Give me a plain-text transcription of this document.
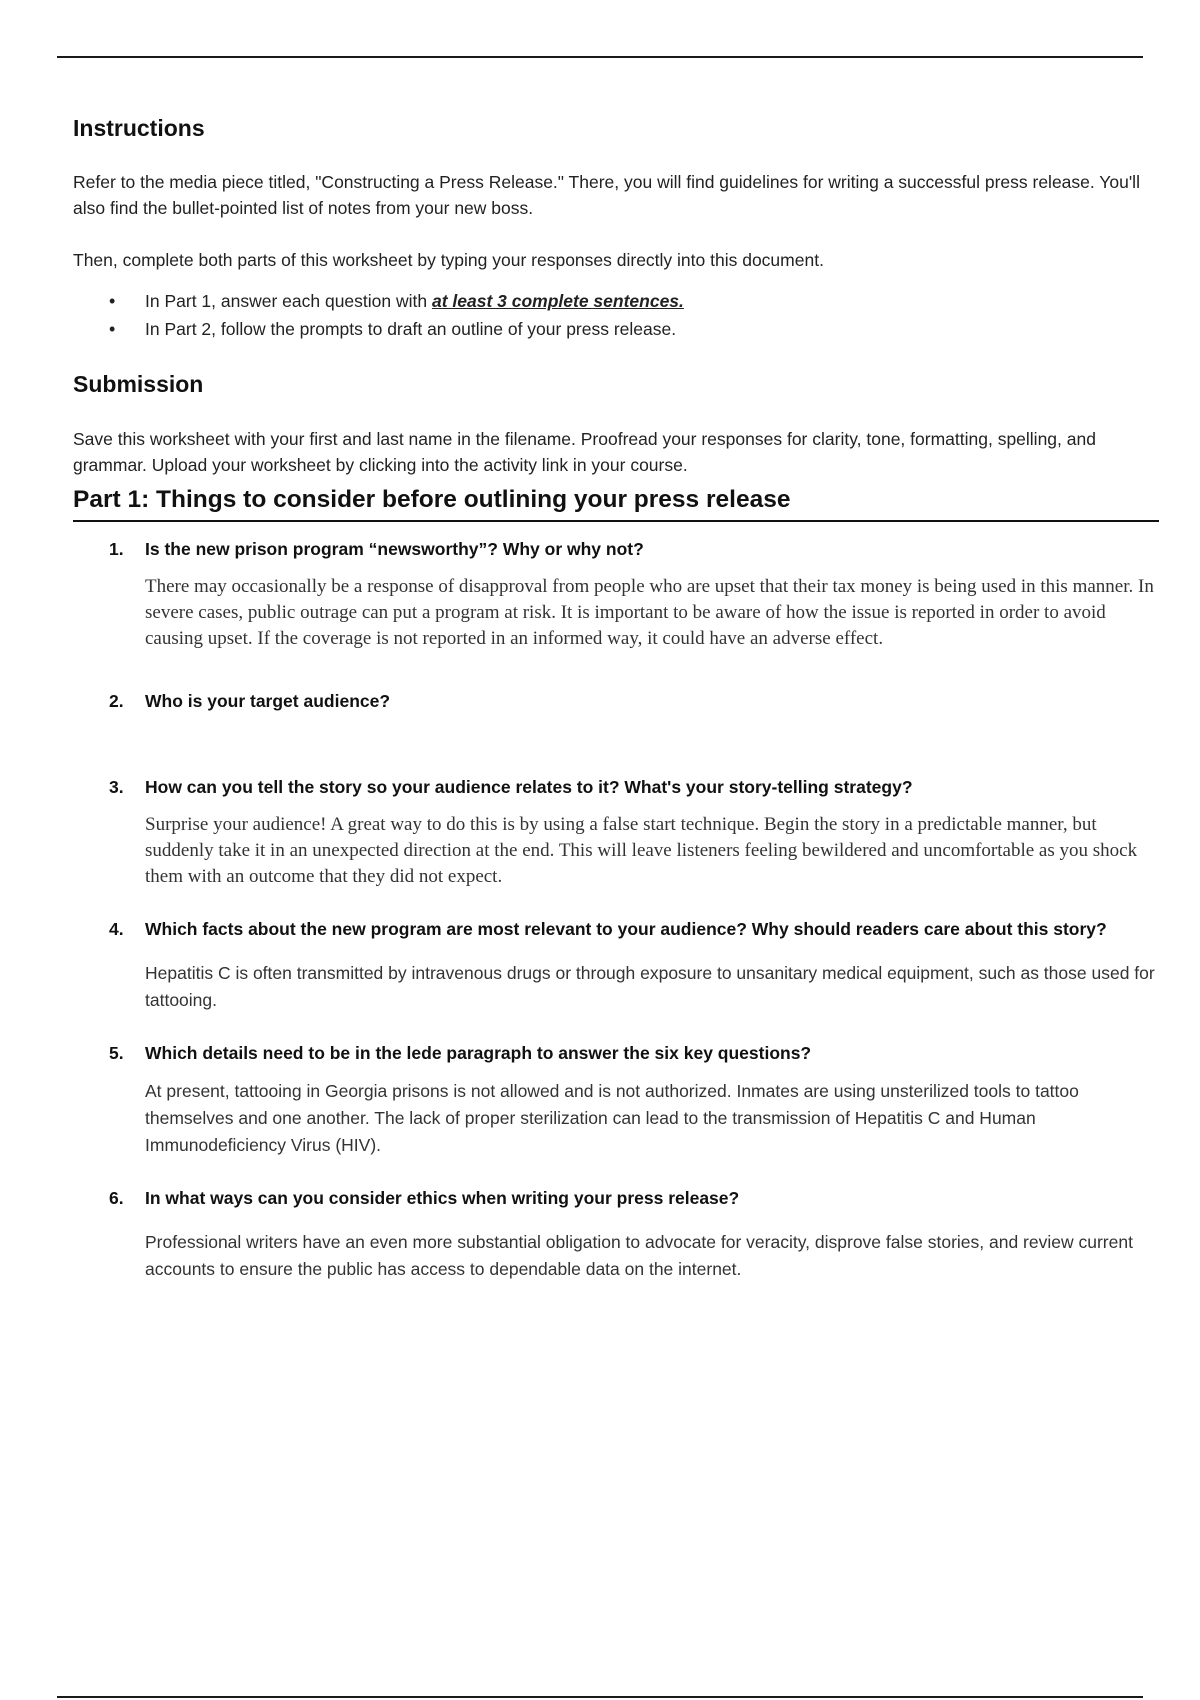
Instructions

Refer to the media piece titled, "Constructing a Press Release." There, you will find guidelines for writing a successful press release. You'll also find the bullet-pointed list of notes from your new boss.

Then, complete both parts of this worksheet by typing your responses directly into this document.

• In Part 1, answer each question with at least 3 complete sentences.
• In Part 2, follow the prompts to draft an outline of your press release.
Submission

Save this worksheet with your first and last name in the filename. Proofread your responses for clarity, tone, formatting, spelling, and grammar. Upload your worksheet by clicking into the activity link in your course.

Part 1: Things to consider before outlining your press release
1. Is the new prison program “newsworthy”? Why or why not?
There may occasionally be a response of disapproval from people who are upset that their tax money is being used in this manner. In severe cases, public outrage can put a program at risk. It is important to be aware of how the issue is reported in order to avoid causing upset. If the coverage is not reported in an informed way, it could have an adverse effect.
2. Who is your target audience?
3. How can you tell the story so your audience relates to it? What's your story-telling strategy?
Surprise your audience! A great way to do this is by using a false start technique. Begin the story in a predictable manner, but suddenly take it in an unexpected direction at the end. This will leave listeners feeling bewildered and uncomfortable as you shock them with an outcome that they did not expect.
4. Which facts about the new program are most relevant to your audience? Why should readers care about this story?
Hepatitis C is often transmitted by intravenous drugs or through exposure to unsanitary medical equipment, such as those used for tattooing.
5. Which details need to be in the lede paragraph to answer the six key questions?
At present, tattooing in Georgia prisons is not allowed and is not authorized. Inmates are using unsterilized tools to tattoo themselves and one another. The lack of proper sterilization can lead to the transmission of Hepatitis C and Human Immunodeficiency Virus (HIV).
6. In what ways can you consider ethics when writing your press release?
Professional writers have an even more substantial obligation to advocate for veracity, disprove false stories, and review current accounts to ensure the public has access to dependable data on the internet.
